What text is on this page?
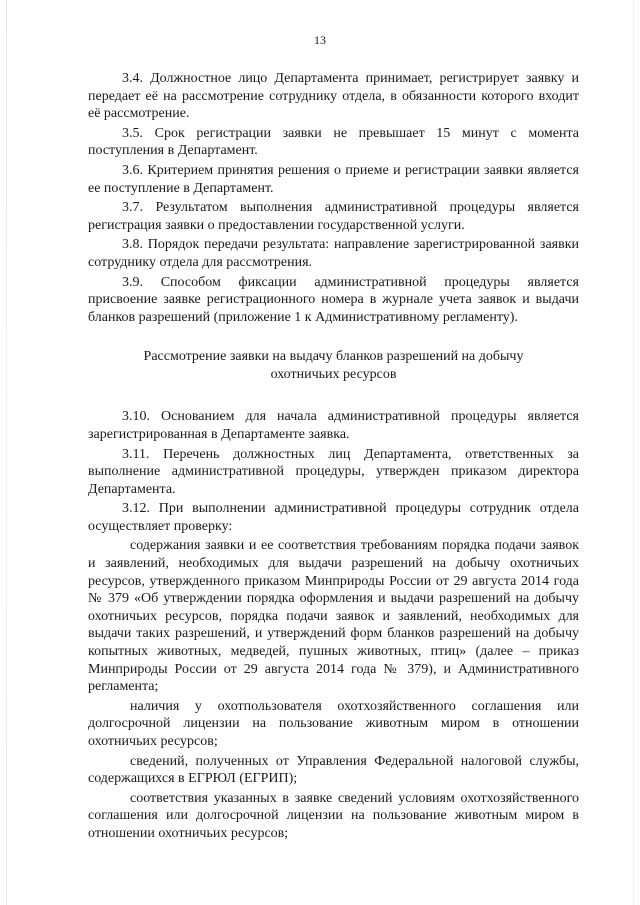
13

3.4. Должностное лицо Департамента принимает, регистрирует заявку и передает её на рассмотрение сотруднику отдела, в обязанности которого входит её рассмотрение.

3.5. Срок регистрации заявки не превышает 15 минут с момента поступления в Департамент.

3.6. Критерием принятия решения о приеме и регистрации заявки является ее поступление в Департамент.

3.7. Результатом выполнения административной процедуры является регистрация заявки о предоставлении государственной услуги.

3.8. Порядок передачи результата: направление зарегистрированной заявки сотруднику отдела для рассмотрения.

3.9. Способом фиксации административной процедуры является присвоение заявке регистрационного номера в журнале учета заявок и выдачи бланков разрешений (приложение 1 к Административному регламенту).

Рассмотрение заявки на выдачу бланков разрешений на добычу
охотничьих ресурсов

3.10. Основанием для начала административной процедуры является зарегистрированная в Департаменте заявка.

3.11. Перечень должностных лиц Департамента, ответственных за выполнение административной процедуры, утвержден приказом директора Департамента.

3.12. При выполнении административной процедуры сотрудник отдела осуществляет проверку:

содержания заявки и ее соответствия требованиям порядка подачи заявок и заявлений, необходимых для выдачи разрешений на добычу охотничьих ресурсов, утвержденного приказом Минприроды России от 29 августа 2014 года № 379 «Об утверждении порядка оформления и выдачи разрешений на добычу охотничьих ресурсов, порядка подачи заявок и заявлений, необходимых для выдачи таких разрешений, и утверждений форм бланков разрешений на добычу копытных животных, медведей, пушных животных, птиц» (далее – приказ Минприроды России от 29 августа 2014 года № 379), и Административного регламента;

наличия у охотпользователя охотхозяйственного соглашения или долгосрочной лицензии на пользование животным миром в отношении охотничьих ресурсов;

сведений, полученных от Управления Федеральной налоговой службы, содержащихся в ЕГРЮЛ (ЕГРИП);

соответствия указанных в заявке сведений условиям охотхозяйственного соглашения или долгосрочной лицензии на пользование животным миром в отношении охотничьих ресурсов;
